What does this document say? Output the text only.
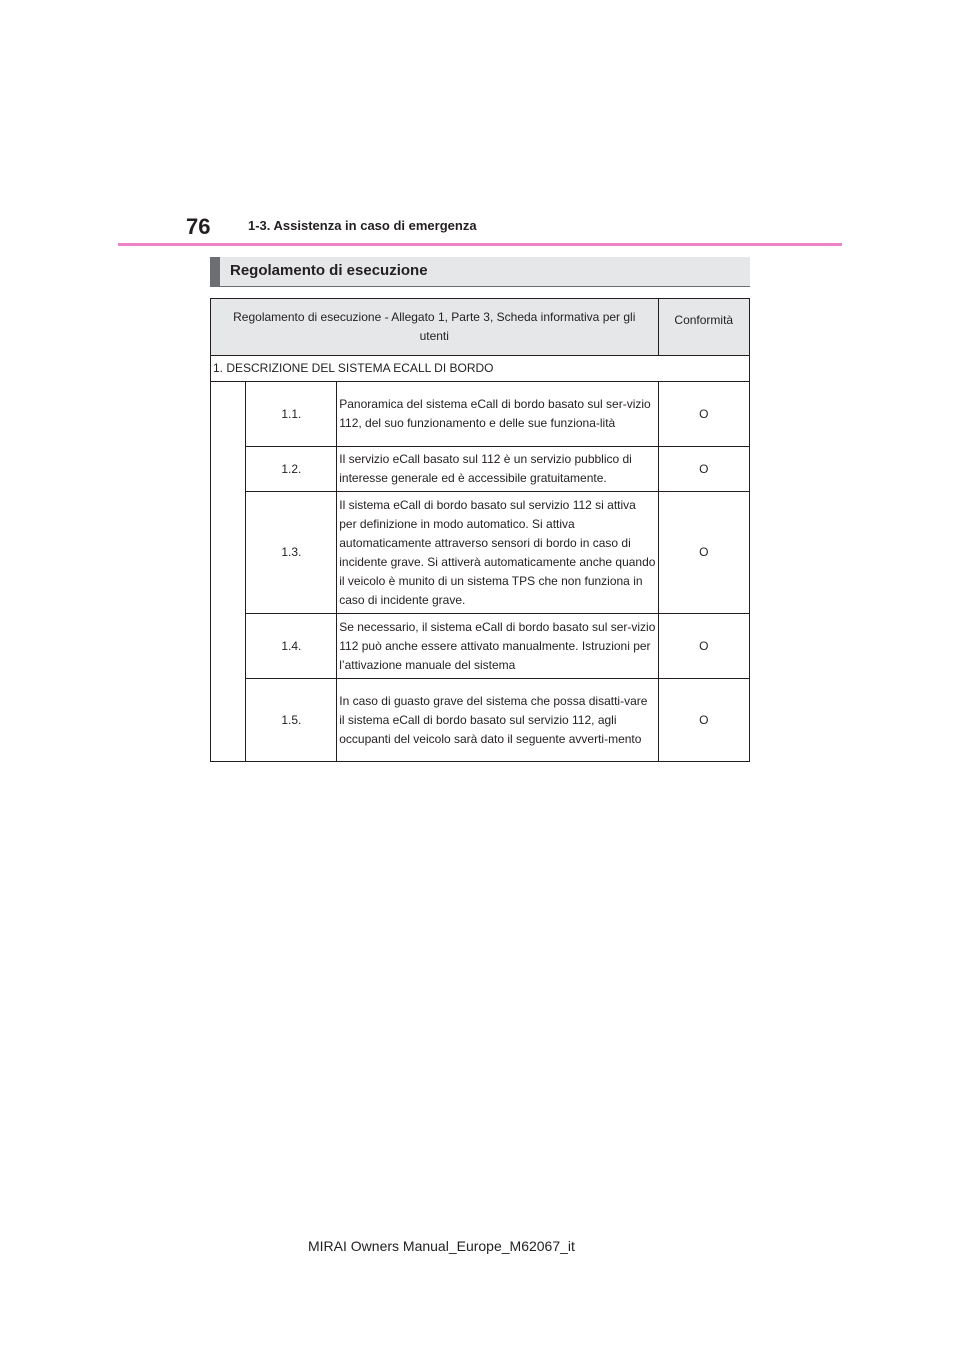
76	1-3. Assistenza in caso di emergenza
Regolamento di esecuzione
Regolamento di esecuzione - Allegato 1, Parte 3, Scheda informativa per gli utenti			Conformità
1. DESCRIZIONE DEL SISTEMA ECALL DI BORDO			
	1.1.	Panoramica del sistema eCall di bordo basato sul ser-vizio 112, del suo funzionamento e delle sue funziona-lità	O
	1.2.	Il servizio eCall basato sul 112 è un servizio pubblico di interesse generale ed è accessibile gratuitamente.	O
	1.3.	Il sistema eCall di bordo basato sul servizio 112 si attiva per definizione in modo automatico. Si attiva automaticamente attraverso sensori di bordo in caso di incidente grave. Si attiverà automaticamente anche quando il veicolo è munito di un sistema TPS che non funziona in caso di incidente grave.	O
	1.4.	Se necessario, il sistema eCall di bordo basato sul ser-vizio 112 può anche essere attivato manualmente. Istruzioni per l’attivazione manuale del sistema	O
	1.5.	In caso di guasto grave del sistema che possa disatti-vare il sistema eCall di bordo basato sul servizio 112, agli occupanti del veicolo sarà dato il seguente avverti-mento	O
MIRAI Owners Manual_Europe_M62067_it
